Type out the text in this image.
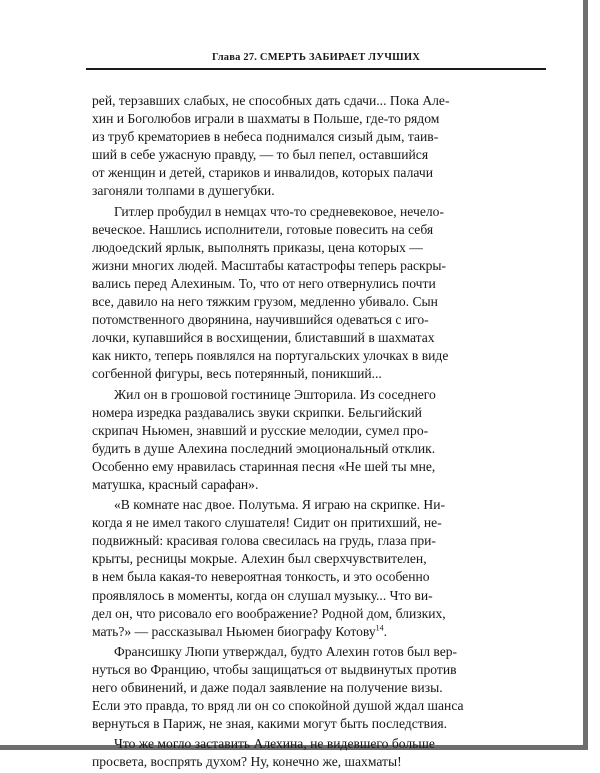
Глава 27. СМЕРТЬ ЗАБИРАЕТ ЛУЧШИХ
рей, терзавших слабых, не способных дать сдачи... Пока Але-
хин и Боголюбов играли в шахматы в Польше, где-то рядом
из труб крематориев в небеса поднимался сизый дым, таив-
ший в себе ужасную правду, — то был пепел, оставшийся
от женщин и детей, стариков и инвалидов, которых палачи
загоняли толпами в душегубки.
Гитлер пробудил в немцах что-то средневековое, нечело-
веческое. Нашлись исполнители, готовые повесить на себя
людоедский ярлык, выполнять приказы, цена которых —
жизни многих людей. Масштабы катастрофы теперь раскры-
вались перед Алехиным. То, что от него отвернулись почти
все, давило на него тяжким грузом, медленно убивало. Сын
потомственного дворянина, научившийся одеваться с иго-
лочки, купавшийся в восхищении, блиставший в шахматах
как никто, теперь появлялся на португальских улочках в виде
согбенной фигуры, весь потерянный, поникший...
Жил он в грошовой гостинице Эшторила. Из соседнего
номера изредка раздавались звуки скрипки. Бельгийский
скрипач Ньюмен, знавший и русские мелодии, сумел про-
будить в душе Алехина последний эмоциональный отклик.
Особенно ему нравилась старинная песня «Не шей ты мне,
матушка, красный сарафан».
«В комнате нас двое. Полутьма. Я играю на скрипке. Ни-
когда я не имел такого слушателя! Сидит он притихший, не-
подвижный: красивая голова свесилась на грудь, глаза при-
крыты, ресницы мокрые. Алехин был сверхчувствителен,
в нем была какая-то невероятная тонкость, и это особенно
проявлялось в моменты, когда он слушал музыку... Что ви-
дел он, что рисовало его воображение? Родной дом, близких,
мать?» — рассказывал Ньюмен биографу Котову$^{14}$.
Франсишку Люпи утверждал, будто Алехин готов был вер-
нуться во Францию, чтобы защищаться от выдвинутых против
него обвинений, и даже подал заявление на получение визы.
Если это правда, то вряд ли он со спокойной душой ждал шанса
вернуться в Париж, не зная, какими могут быть последствия.
Что же могло заставить Алехина, не видевшего больше
просвета, воспрять духом? Ну, конечно же, шахматы!
